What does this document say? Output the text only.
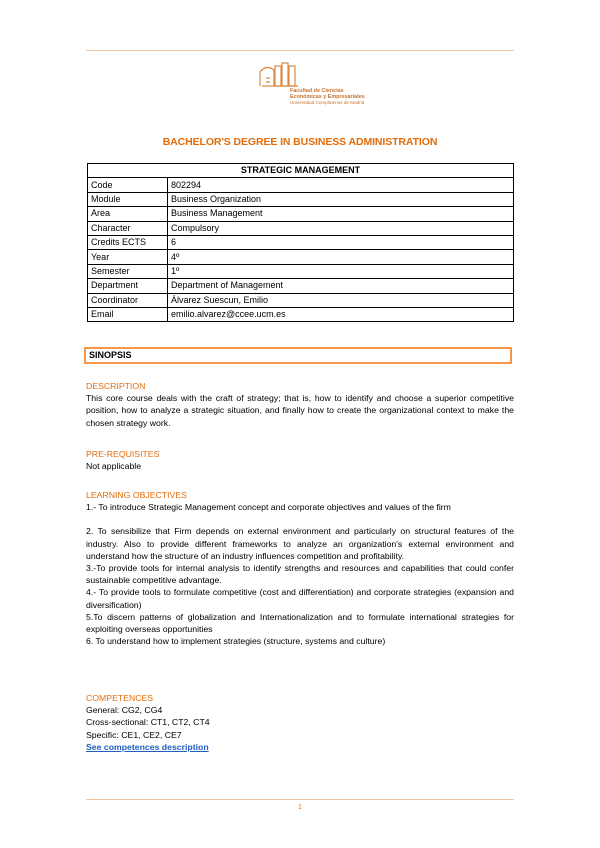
Facultad de Ciencias
Económicas y Empresariales
Universidad Complutense de Madrid
BACHELOR'S DEGREE IN BUSINESS ADMINISTRATION
STRATEGIC MANAGEMENT	
Code	802294
Module	Business Organization
Area	Business Management
Character	Compulsory
Credits ECTS	6
Year	4º
Semester	1º
Department	Department of Management
Coordinator	Álvarez Suescun, Emilio
Email	emilio.alvarez@ccee.ucm.es
SINOPSIS
DESCRIPTION
This core course deals with the craft of strategy; that is, how to identify and choose a superior competitive position, how to analyze a strategic situation, and finally how to create the organizational context to make the chosen strategy work.
PRE-REQUISITES
Not applicable
LEARNING OBJECTIVES
1.- To introduce Strategic Management concept and corporate objectives and values of the firm
2. To sensibilize that Firm depends on external environment and particularly on structural features of the industry. Also to provide different frameworks to analyze an organization's external environment and understand how the structure of an industry influences competition and profitability.
3.-To provide tools for internal analysis to identify strengths and resources and capabilities that could confer sustainable competitive advantage.
4.- To provide tools to formulate competitive (cost and differentiation) and corporate strategies (expansion and diversification)
5.To discern patterns of globalization and Internationalization and to formulate international strategies for exploiting overseas opportunities
6. To understand how to implement strategies (structure, systems and culture)
COMPETENCES
General: CG2, CG4
Cross-sectional: CT1, CT2, CT4
Specific: CE1, CE2, CE7
See competences description
1
